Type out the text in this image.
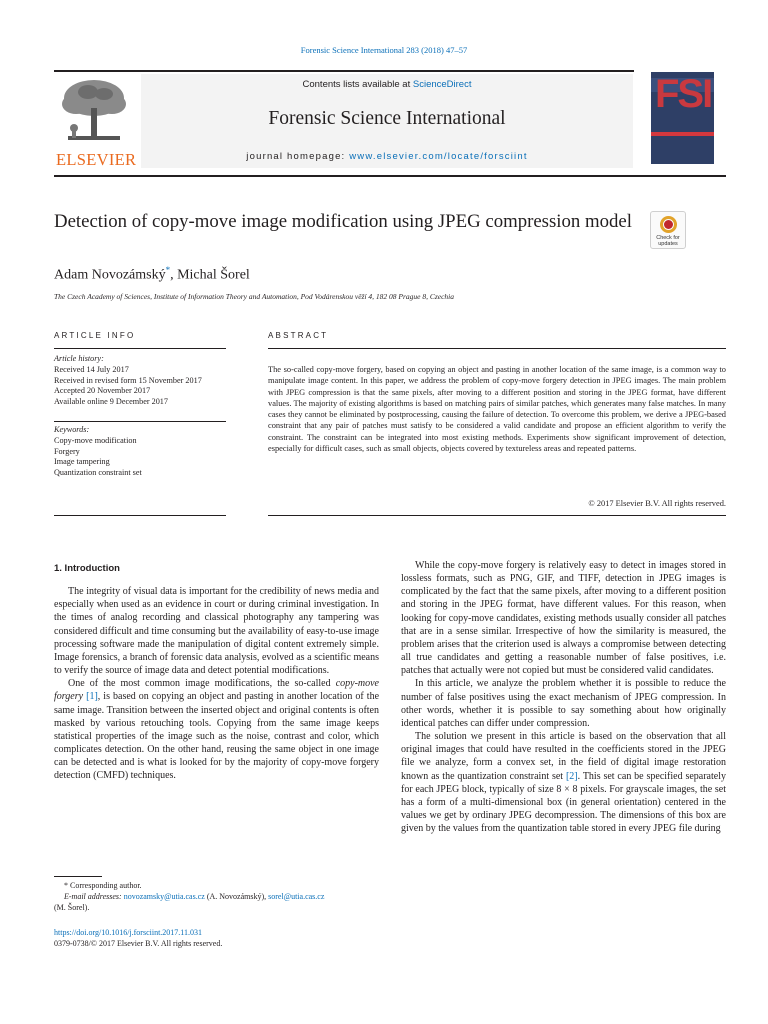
Forensic Science International 283 (2018) 47–57
ELSEVIER
Contents lists available at ScienceDirect
Forensic Science International
journal homepage: www.elsevier.com/locate/forsciint
FSI
Detection of copy-move image modification using JPEG compression model
Check for updates
Adam Novozámský*, Michal Šorel
The Czech Academy of Sciences, Institute of Information Theory and Automation, Pod Vodárenskou věží 4, 182 08 Prague 8, Czechia
ARTICLE INFO	ABSTRACT
Article history:
Received 14 July 2017
Received in revised form 15 November 2017
Accepted 20 November 2017
Available online 9 December 2017
Keywords:
Copy-move modification
Forgery
Image tampering
Quantization constraint set
The so-called copy-move forgery, based on copying an object and pasting in another location of the same image, is a common way to manipulate image content. In this paper, we address the problem of copy-move forgery detection in JPEG images. The main problem with JPEG compression is that the same pixels, after moving to a different position and storing in the JPEG format, have different values. The majority of existing algorithms is based on matching pairs of similar patches, which generates many false matches. In many cases they cannot be eliminated by postprocessing, causing the failure of detection. To overcome this problem, we derive a JPEG-based constraint that any pair of patches must satisfy to be considered a valid candidate and propose an efficient algorithm to verify the constraint. The constraint can be integrated into most existing methods. Experiments show significant improvement of detection, especially for difficult cases, such as small objects, objects covered by textureless areas and repeated patterns.
© 2017 Elsevier B.V. All rights reserved.
1. Introduction

The integrity of visual data is important for the credibility of news media and especially when used as an evidence in court or during criminal investigation. In the times of analog recording and classical photography any tampering was considered difficult and time consuming but the availability of easy-to-use image processing software made the manipulation of digital content extremely simple. Image forensics, a branch of forensic data analysis, evolved as a scientific means to verify the source of image data and detect potential modifications.

One of the most common image modifications, the so-called copy-move forgery [1], is based on copying an object and pasting in another location of the same image. Transition between the inserted object and original contents is often masked by various retouching tools. Copying from the same image keeps statistical properties of the image such as the noise, contrast and color, which complicates detection. On the other hand, reusing the same object in one image can be detected and is what is looked for by the majority of copy-move forgery detection (CMFD) techniques.

While the copy-move forgery is relatively easy to detect in images stored in lossless formats, such as PNG, GIF, and TIFF, detection in JPEG images is complicated by the fact that the same pixels, after moving to a different position and storing in the JPEG format, have different values. For this reason, when looking for copy-move candidates, existing methods usually consider all patches that are in a sense similar. Irrespective of how the similarity is measured, the problem arises that the criterion used is always a compromise between detecting all true candidates and getting a reasonable number of false positives, i.e. patches that actually were not copied but must be considered valid candidates.

In this article, we analyze the problem whether it is possible to reduce the number of false positives using the exact mechanism of JPEG compression. In other words, whether it is possible to say something about how originally identical patches can differ under compression.

The solution we present in this article is based on the observation that all original images that could have resulted in the coefficients stored in the JPEG file we analyze, form a convex set, in the field of digital image restoration known as the quantization constraint set [2]. This set can be specified separately for each JPEG block, typically of size 8 × 8 pixels. For grayscale images, the set has a form of a multi-dimensional box (in general orientation) centered in the values we get by ordinary JPEG decompression. The dimensions of this box are given by the values from the quantization table stored in every JPEG file during

* Corresponding author.
E-mail addresses: novozamsky@utia.cas.cz (A. Novozámský), sorel@utia.cas.cz
(M. Šorel).
https://doi.org/10.1016/j.forsciint.2017.11.031
0379-0738/© 2017 Elsevier B.V. All rights reserved.
